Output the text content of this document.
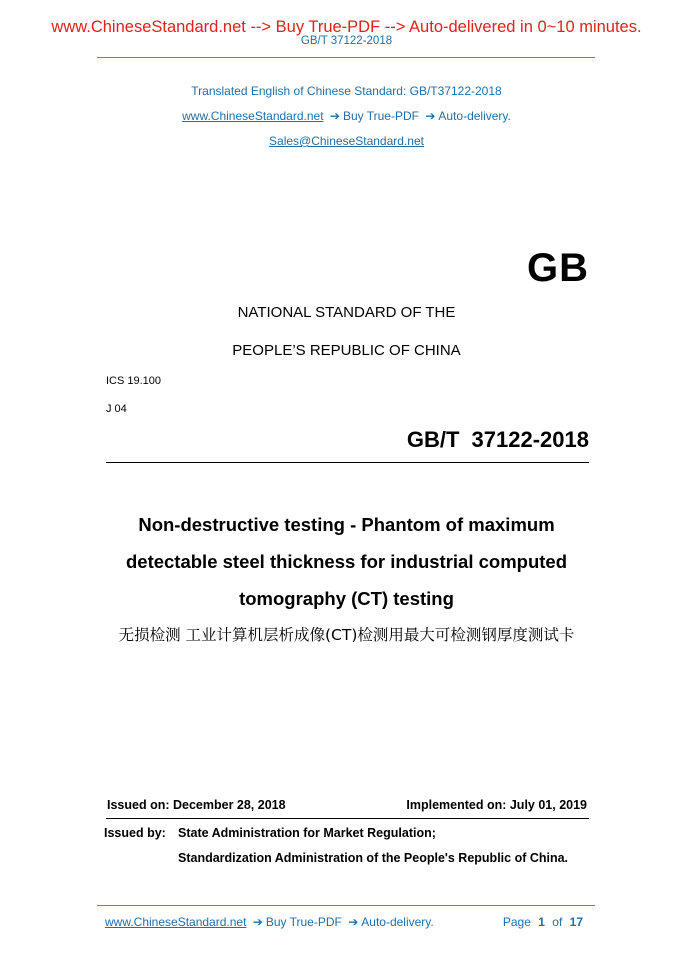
www.ChineseStandard.net --> Buy True-PDF --> Auto-delivered in 0~10 minutes.
GB/T 37122-2018
Translated English of Chinese Standard: GB/T37122-2018
www.ChineseStandard.net ➔ Buy True-PDF ➔ Auto-delivery.
Sales@ChineseStandard.net
GB
NATIONAL STANDARD OF THE
PEOPLE’S REPUBLIC OF CHINA
ICS 19.100
J 04
GB/T 37122-2018
Non-destructive testing - Phantom of maximum
detectable steel thickness for industrial computed
tomography (CT) testing
无损检测 工业计算机层析成像(CT)检测用最大可检测钢厚度测试卡
Issued on: December 28, 2018	Implemented on: July 01, 2019
Issued by: State Administration for Market Regulation;
Standardization Administration of the People's Republic of China.
www.ChineseStandard.net ➔ Buy True-PDF ➔ Auto-delivery.	Page 1 of 17
